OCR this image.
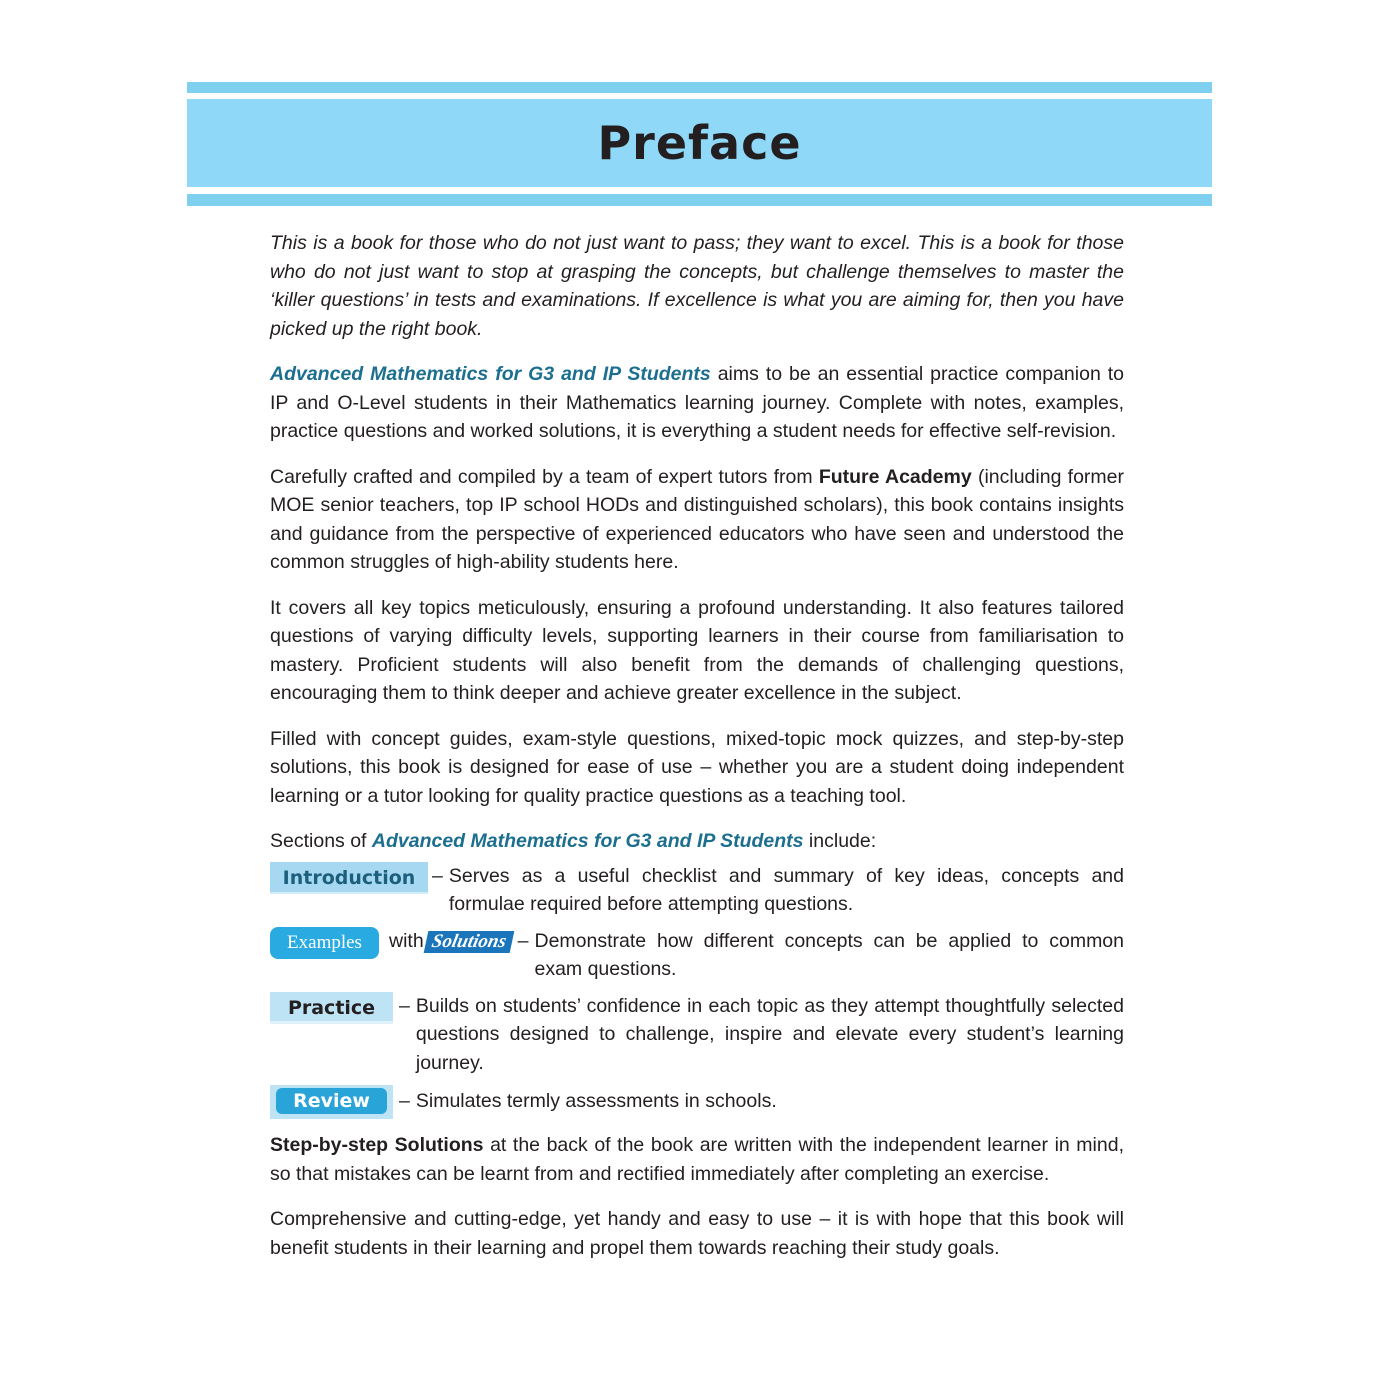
Preface

This is a book for those who do not just want to pass; they want to excel. This is a book for those who do not just want to stop at grasping the concepts, but challenge themselves to master the ‘killer questions’ in tests and examinations. If excellence is what you are aiming for, then you have picked up the right book.

Advanced Mathematics for G3 and IP Students aims to be an essential practice companion to IP and O-Level students in their Mathematics learning journey. Complete with notes, examples, practice questions and worked solutions, it is everything a student needs for effective self-revision.

Carefully crafted and compiled by a team of expert tutors from Future Academy (including former MOE senior teachers, top IP school HODs and distinguished scholars), this book contains insights and guidance from the perspective of experienced educators who have seen and understood the common struggles of high-ability students here.

It covers all key topics meticulously, ensuring a profound understanding. It also features tailored questions of varying difficulty levels, supporting learners in their course from familiarisation to mastery. Proficient students will also benefit from the demands of challenging questions, encouraging them to think deeper and achieve greater excellence in the subject.

Filled with concept guides, exam-style questions, mixed-topic mock quizzes, and step-by-step solutions, this book is designed for ease of use – whether you are a student doing independent learning or a tutor looking for quality practice questions as a teaching tool.

Sections of Advanced Mathematics for G3 and IP Students include:

Introduction – Serves as a useful checklist and summary of key ideas, concepts and formulae required before attempting questions.
Examples	with Solutions – Demonstrate how different concepts can be applied to common exam questions.
Practice	– Builds on students’ confidence in each topic as they attempt thoughtfully selected questions designed to challenge, inspire and elevate every student’s learning journey.
Review	– Simulates termly assessments in schools.

Step-by-step Solutions at the back of the book are written with the independent learner in mind, so that mistakes can be learnt from and rectified immediately after completing an exercise.

Comprehensive and cutting-edge, yet handy and easy to use – it is with hope that this book will benefit students in their learning and propel them towards reaching their study goals.
